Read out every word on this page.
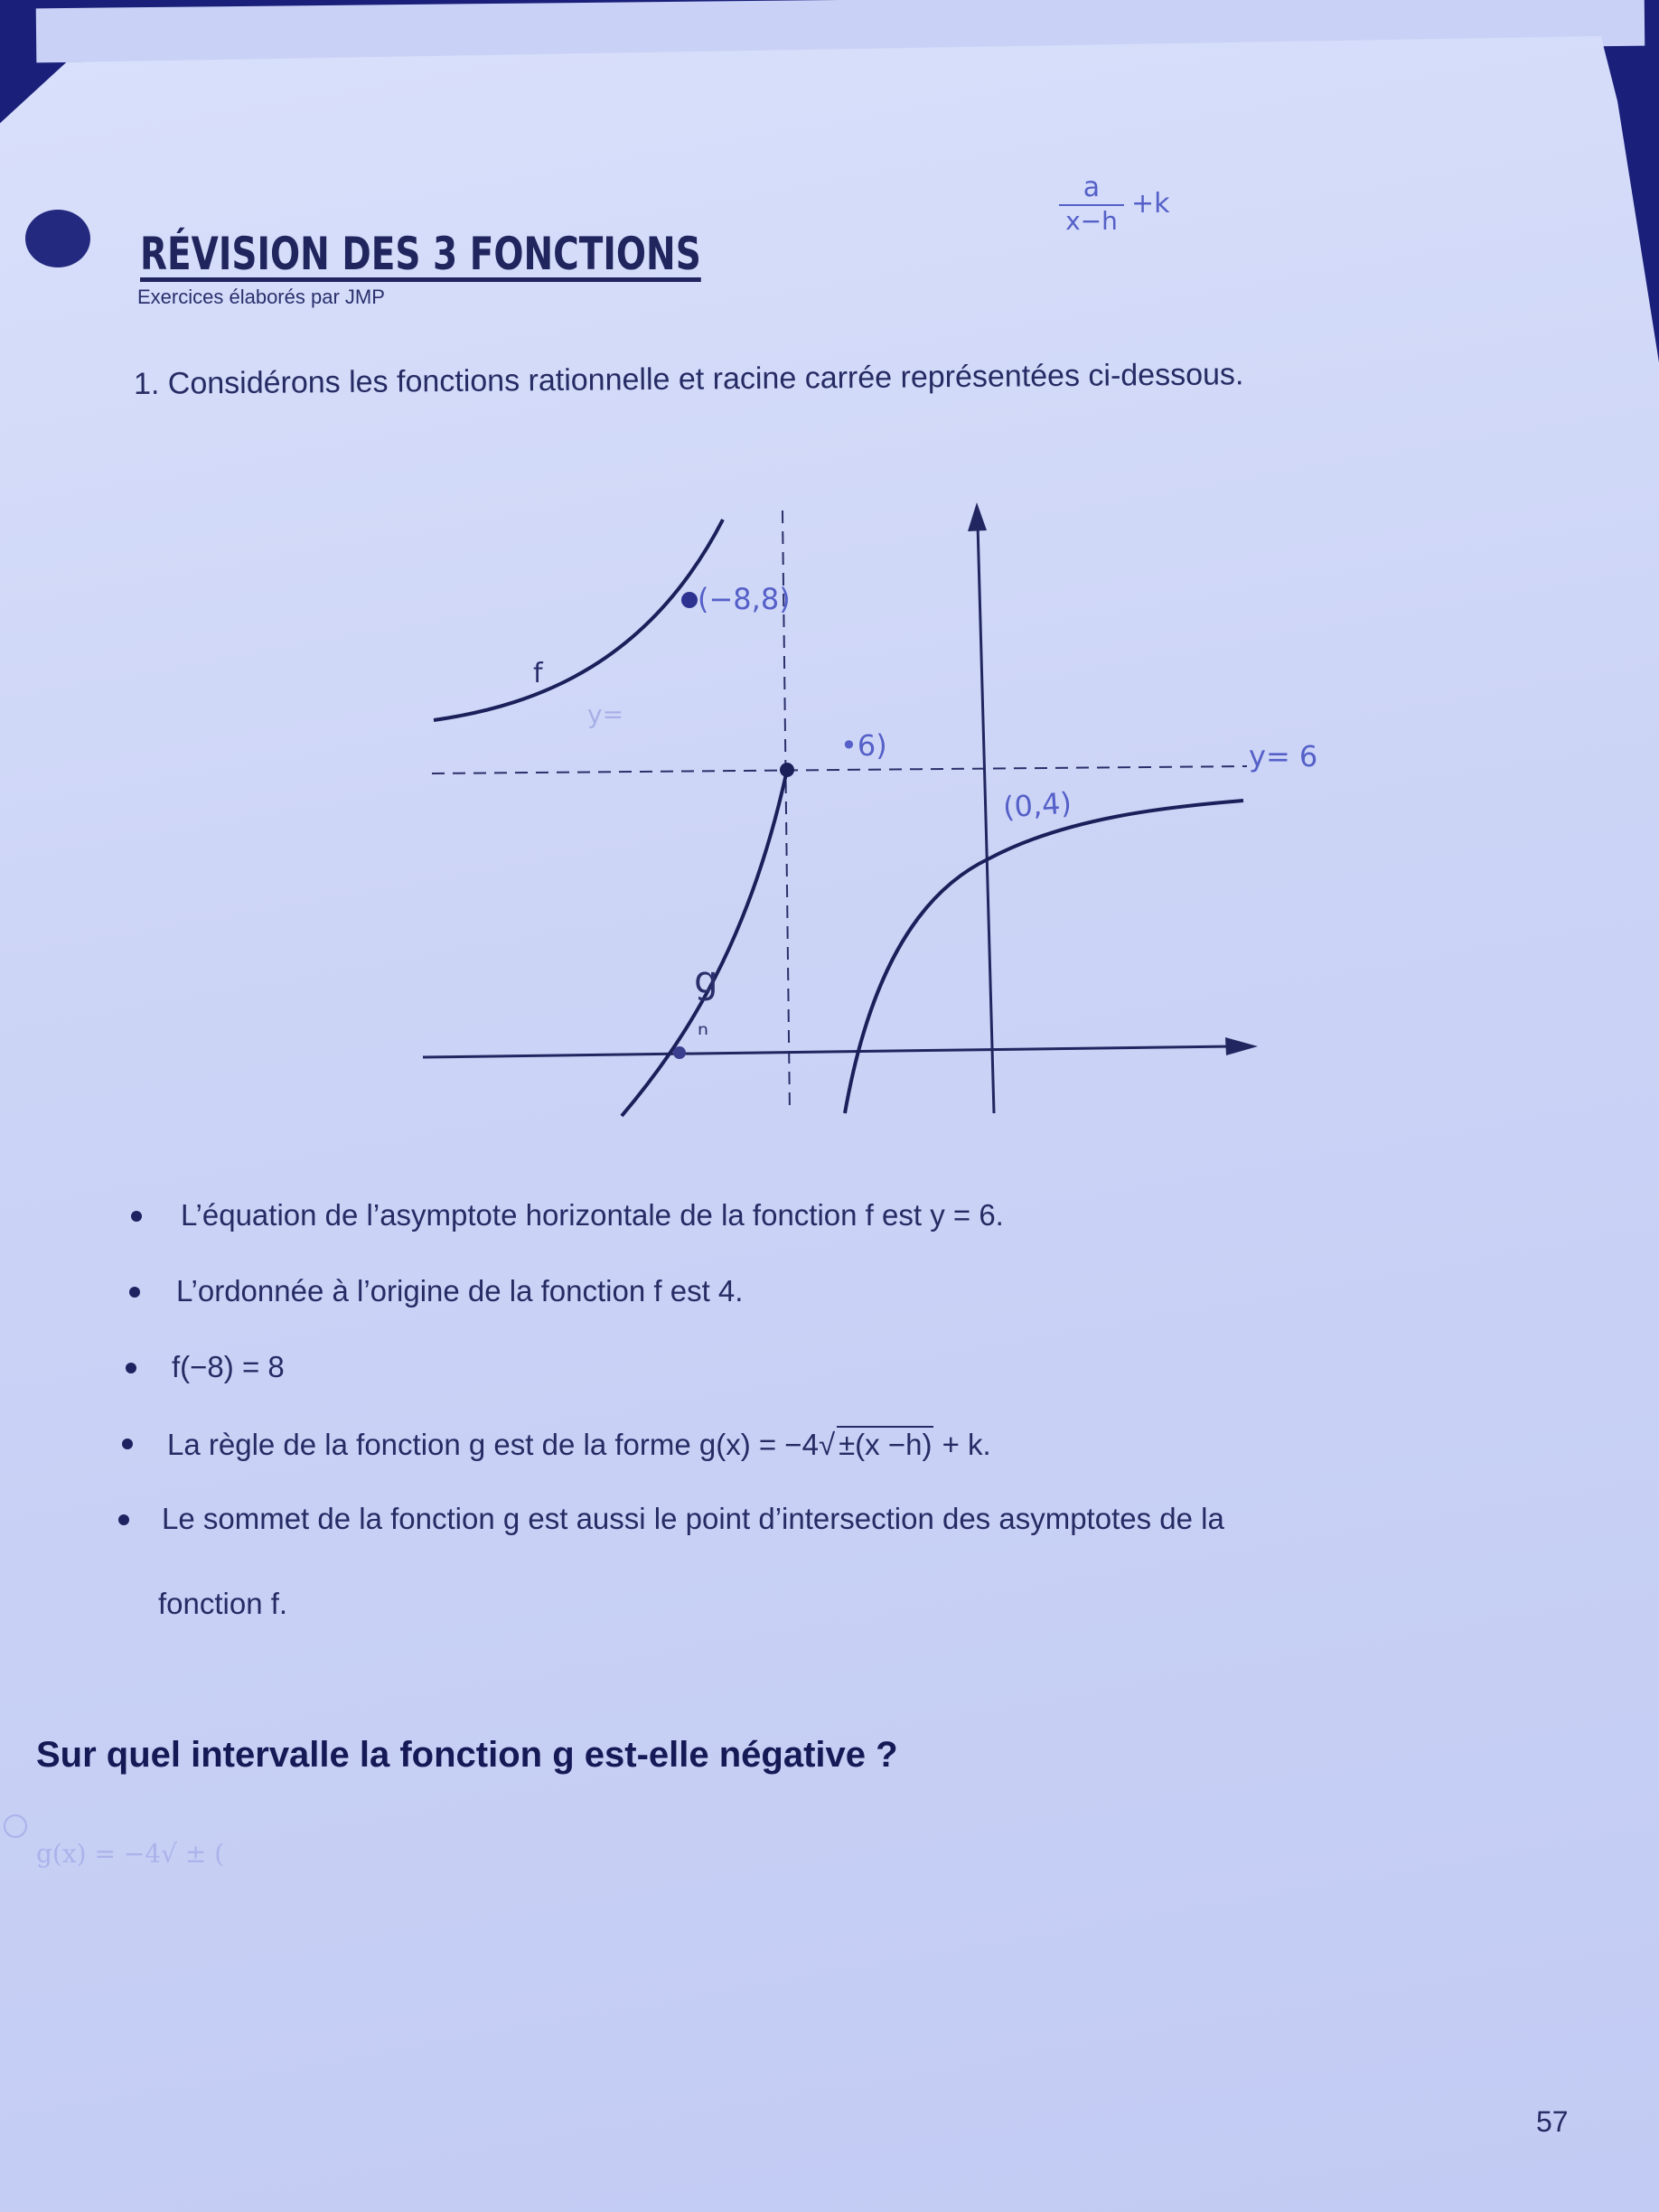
a
x−h
+k
RÉVISION DES 3 FONCTIONS
Exercices élaborés par JMP
1. Considérons les fonctions rationnelle et racine carrée représentées ci-dessous.
y=
f
g
(−8,8)
•6)	y= 6
(0,4)
ⁿ
L’équation de l’asymptote horizontale de la fonction f est y = 6.
L’ordonnée à l’origine de la fonction f est 4.
f(−8) = 8
La règle de la fonction g est de la forme g(x) = −4√ ±(x −h) + k.
Le sommet de la fonction g est aussi le point d’intersection des asymptotes de la
fonction f.
Sur quel intervalle la fonction g est-elle négative ?
g(x) = −4√ ± (
57
